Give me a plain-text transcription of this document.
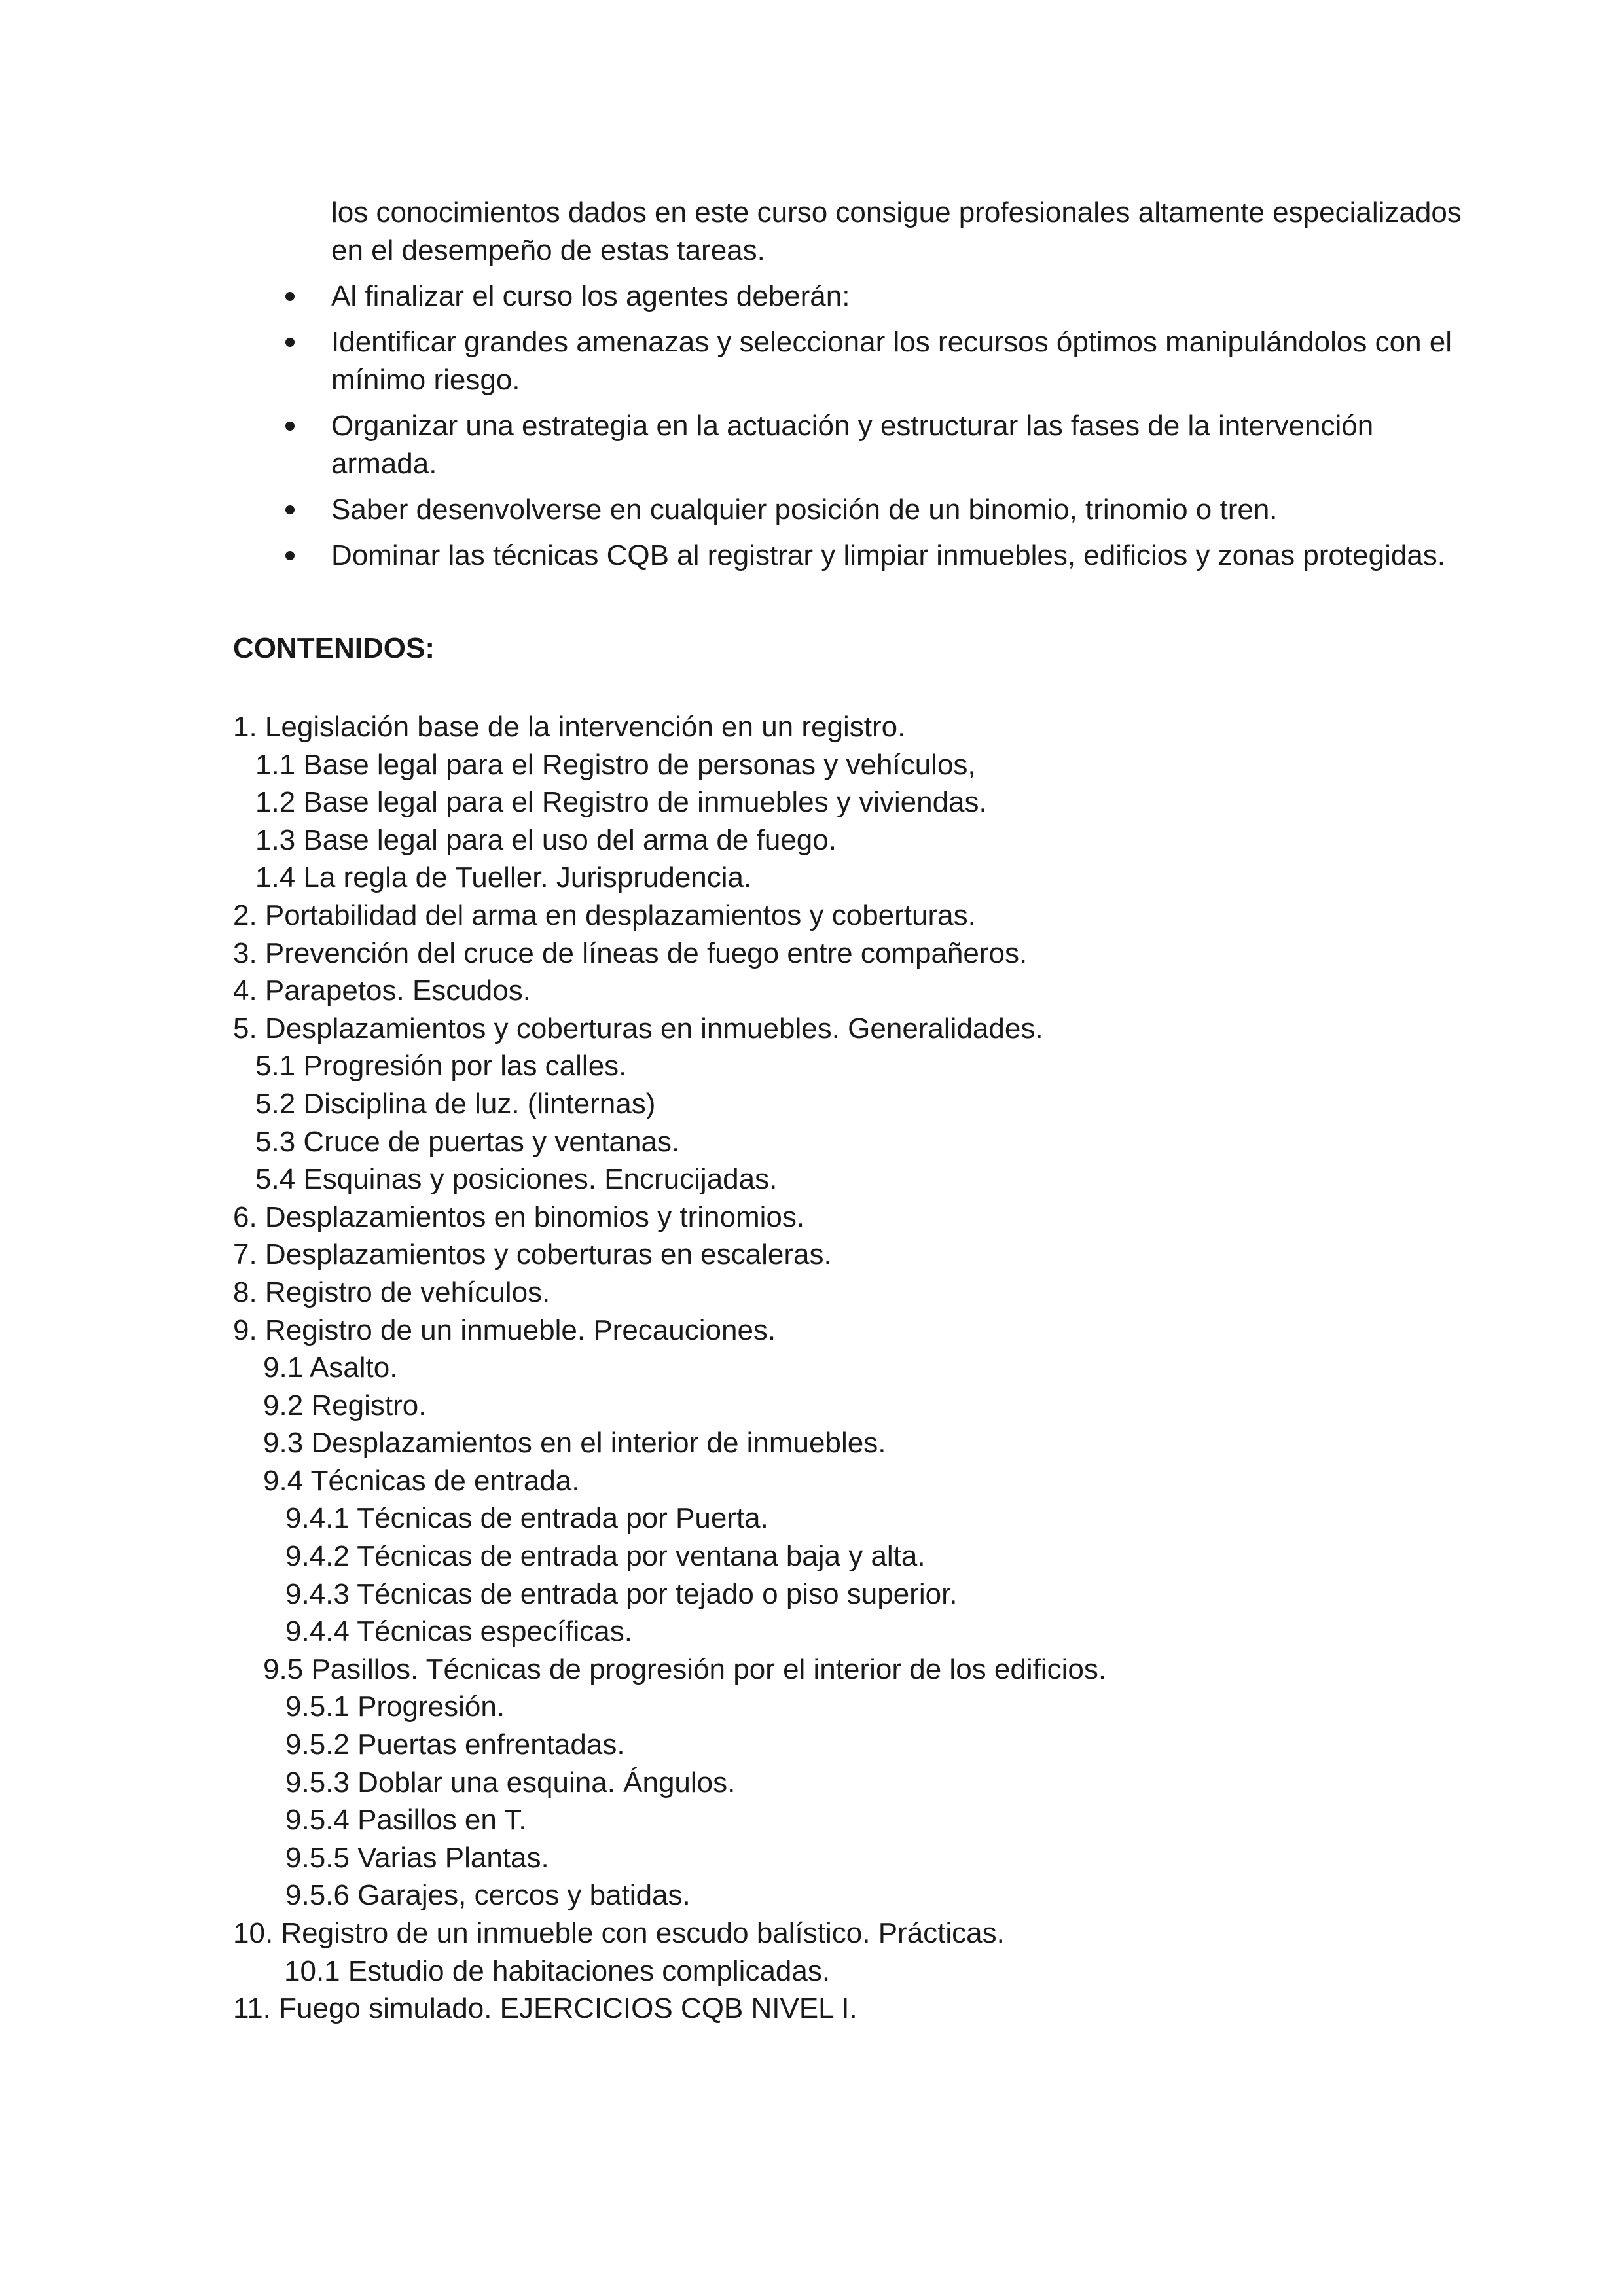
los conocimientos dados en este curso consigue profesionales altamente especializados en el desempeño de estas tareas.

Al finalizar el curso los agentes deberán:
Identificar grandes amenazas y seleccionar los recursos óptimos manipulándolos con el mínimo riesgo.
Organizar una estrategia en la actuación y estructurar las fases de la intervención armada.
Saber desenvolverse en cualquier posición de un binomio, trinomio o tren.
Dominar las técnicas CQB al registrar y limpiar inmuebles, edificios y zonas protegidas.
CONTENIDOS:
1. Legislación base de la intervención en un registro.
1.1 Base legal para el Registro de personas y vehículos,
1.2 Base legal para el Registro de inmuebles y viviendas.
1.3 Base legal para el uso del arma de fuego.
1.4 La regla de Tueller. Jurisprudencia.
2. Portabilidad del arma en desplazamientos y coberturas.
3. Prevención del cruce de líneas de fuego entre compañeros.
4. Parapetos. Escudos.
5. Desplazamientos y coberturas en inmuebles. Generalidades.
5.1 Progresión por las calles.
5.2 Disciplina de luz. (linternas)
5.3 Cruce de puertas y ventanas.
5.4 Esquinas y posiciones. Encrucijadas.
6. Desplazamientos en binomios y trinomios.
7. Desplazamientos y coberturas en escaleras.
8. Registro de vehículos.
9. Registro de un inmueble. Precauciones.
9.1 Asalto.
9.2 Registro.
9.3 Desplazamientos en el interior de inmuebles.
9.4 Técnicas de entrada.
9.4.1 Técnicas de entrada por Puerta.
9.4.2 Técnicas de entrada por ventana baja y alta.
9.4.3 Técnicas de entrada por tejado o piso superior.
9.4.4 Técnicas específicas.
9.5 Pasillos. Técnicas de progresión por el interior de los edificios.
9.5.1 Progresión.
9.5.2 Puertas enfrentadas.
9.5.3 Doblar una esquina. Ángulos.
9.5.4 Pasillos en T.
9.5.5 Varias Plantas.
9.5.6 Garajes, cercos y batidas.
10. Registro de un inmueble con escudo balístico. Prácticas.
10.1 Estudio de habitaciones complicadas.
11. Fuego simulado. EJERCICIOS CQB NIVEL I.
